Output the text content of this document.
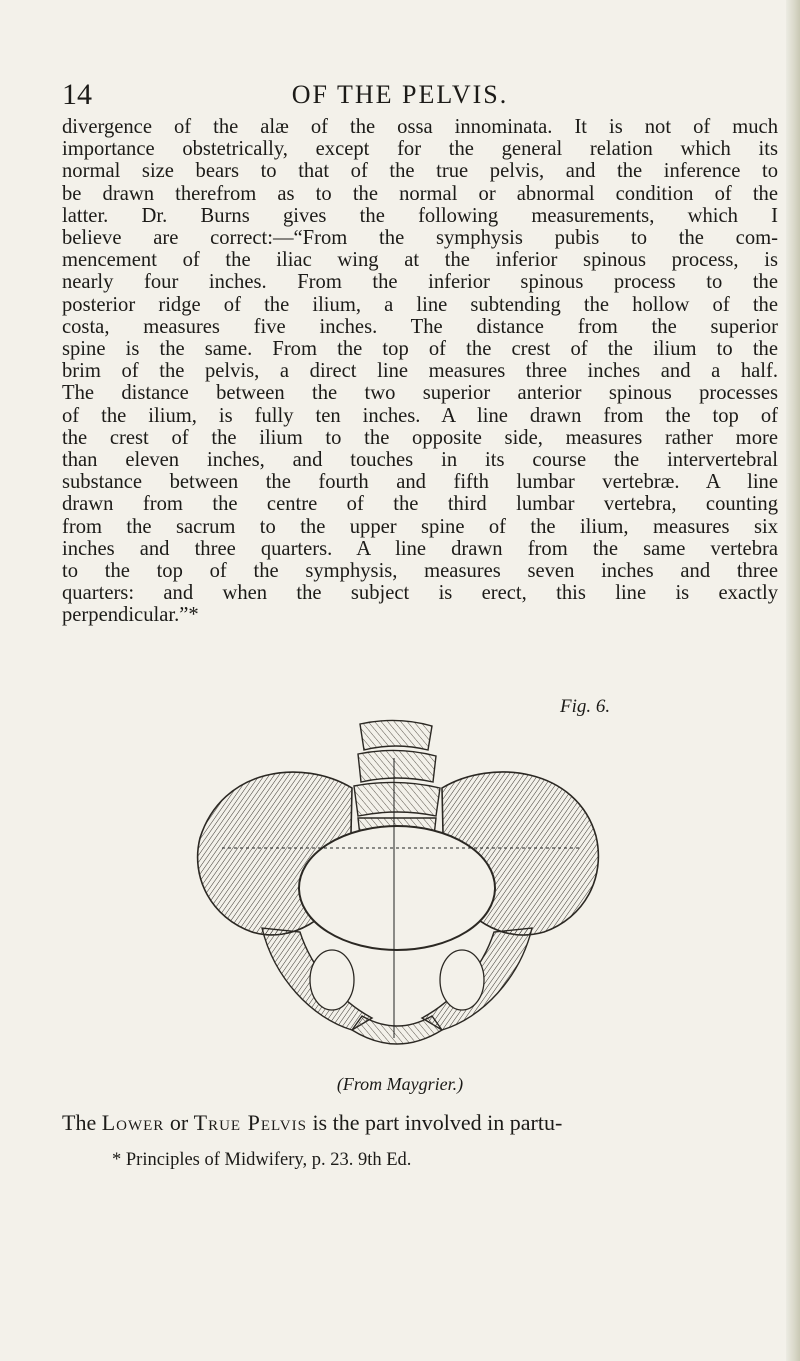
14	OF THE PELVIS.
divergence of the alæ of the ossa innominata. It is not of much
importance obstetrically, except for the general relation which its
normal size bears to that of the true pelvis, and the inference to
be drawn therefrom as to the normal or abnormal condition of the
latter. Dr. Burns gives the following measurements, which I
believe are correct:—“From the symphysis pubis to the com-
mencement of the iliac wing at the inferior spinous process, is
nearly four inches. From the inferior spinous process to the
posterior ridge of the ilium, a line subtending the hollow of the
costa, measures five inches. The distance from the superior
spine is the same. From the top of the crest of the ilium to the
brim of the pelvis, a direct line measures three inches and a half.
The distance between the two superior anterior spinous processes
of the ilium, is fully ten inches. A line drawn from the top of
the crest of the ilium to the opposite side, measures rather more
than eleven inches, and touches in its course the intervertebral
substance between the fourth and fifth lumbar vertebræ. A line
drawn from the centre of the third lumbar vertebra, counting
from the sacrum to the upper spine of the ilium, measures six
inches and three quarters. A line drawn from the same vertebra
to the top of the symphysis, measures seven inches and three
quarters: and when the subject is erect, this line is exactly
perpendicular.”*
Fig. 6.
(From Maygrier.)
The Lower or True Pelvis is the part involved in partu-
* Principles of Midwifery, p. 23. 9th Ed.
